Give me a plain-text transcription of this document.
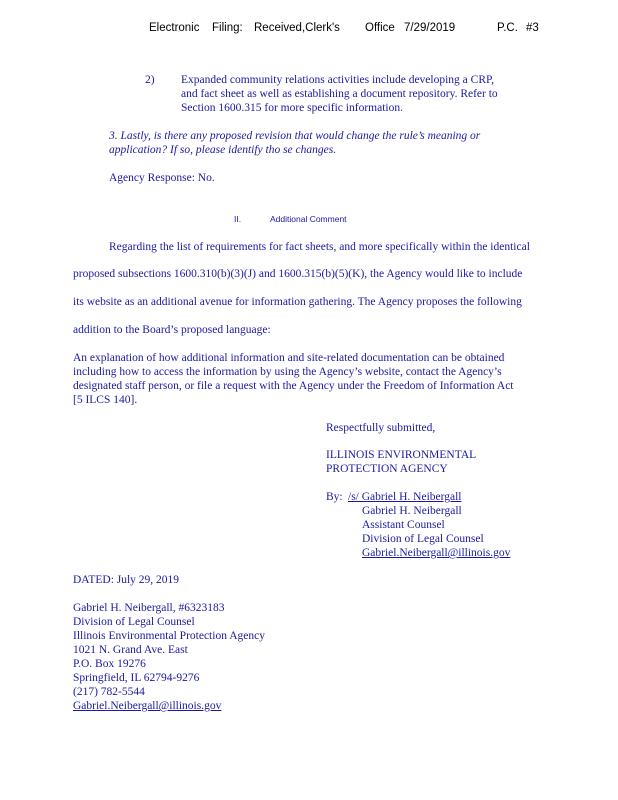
Electronic Filing: Received,Clerk's Office 7/29/2019	P.C. #3
2) Expanded community relations activities include developing a CRP,
and fact sheet as well as establishing a document repository. Refer to
Section 1600.315 for more specific information.
3. Lastly, is there any proposed revision that would change the rule’s meaning or
application? If so, please identify tho se changes.
Agency Response: No.
II.	Additional Comment
Regarding the list of requirements for fact sheets, and more specifically within the identical
proposed subsections 1600.310(b)(3)(J) and 1600.315(b)(5)(K), the Agency would like to include
its website as an additional avenue for information gathering. The Agency proposes the following
addition to the Board’s proposed language:
An explanation of how additional information and site-related documentation can be obtained
including how to access the information by using the Agency’s website, contact the Agency’s
designated staff person, or file a request with the Agency under the Freedom of Information Act
[5 ILCS 140].
Respectfully submitted,
ILLINOIS ENVIRONMENTAL
PROTECTION AGENCY
By: /s/ Gabriel H. Neibergall
Gabriel H. Neibergall
Assistant Counsel
Division of Legal Counsel
Gabriel.Neibergall@illinois.gov
DATED: July 29, 2019
Gabriel H. Neibergall, #6323183
Division of Legal Counsel
Illinois Environmental Protection Agency
1021 N. Grand Ave. East
P.O. Box 19276
Springfield, IL 62794-9276
(217) 782-5544
Gabriel.Neibergall@illinois.gov
